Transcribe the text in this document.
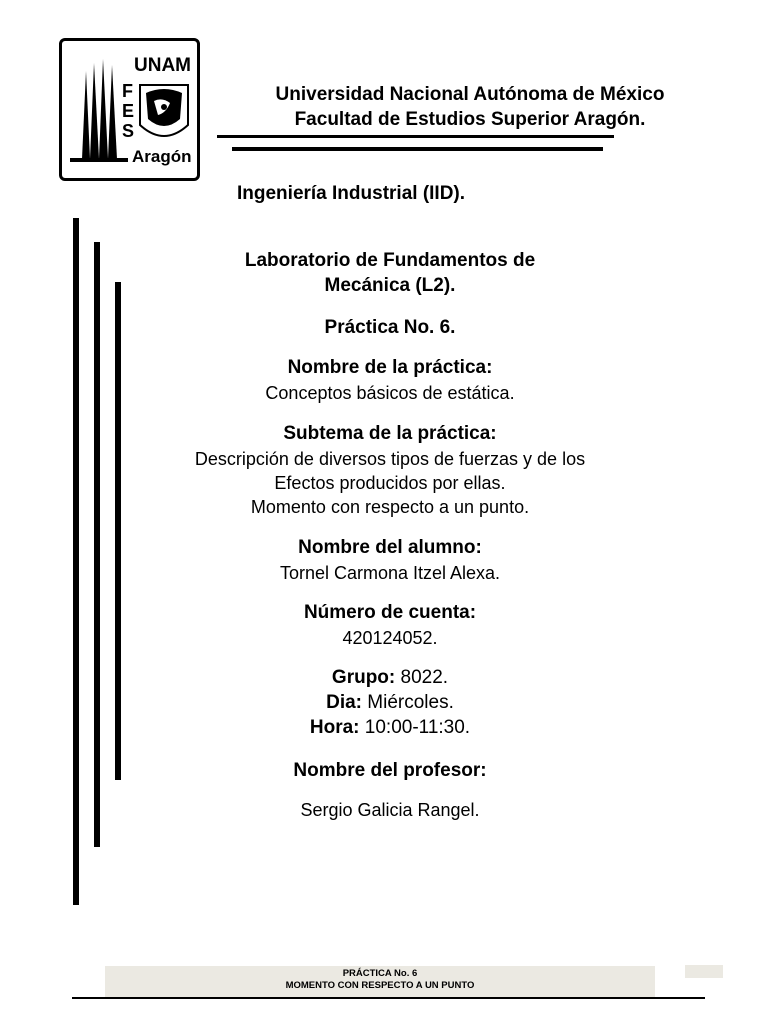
UNAM
FES
Aragón
Universidad Nacional Autónoma de México
Facultad de Estudios Superior Aragón.
Ingeniería Industrial (IID).
Laboratorio de Fundamentos de
Mecánica (L2).
Práctica No. 6.
Nombre de la práctica:
Conceptos básicos de estática.
Subtema de la práctica:
Descripción de diversos tipos de fuerzas y de los
Efectos producidos por ellas.
Momento con respecto a un punto.
Nombre del alumno:
Tornel Carmona Itzel Alexa.
Número de cuenta:
420124052.
Grupo: 8022.
Dia: Miércoles.
Hora: 10:00-11:30.
Nombre del profesor:
Sergio Galicia Rangel.
PRÁCTICA No. 6
MOMENTO CON RESPECTO A UN PUNTO
